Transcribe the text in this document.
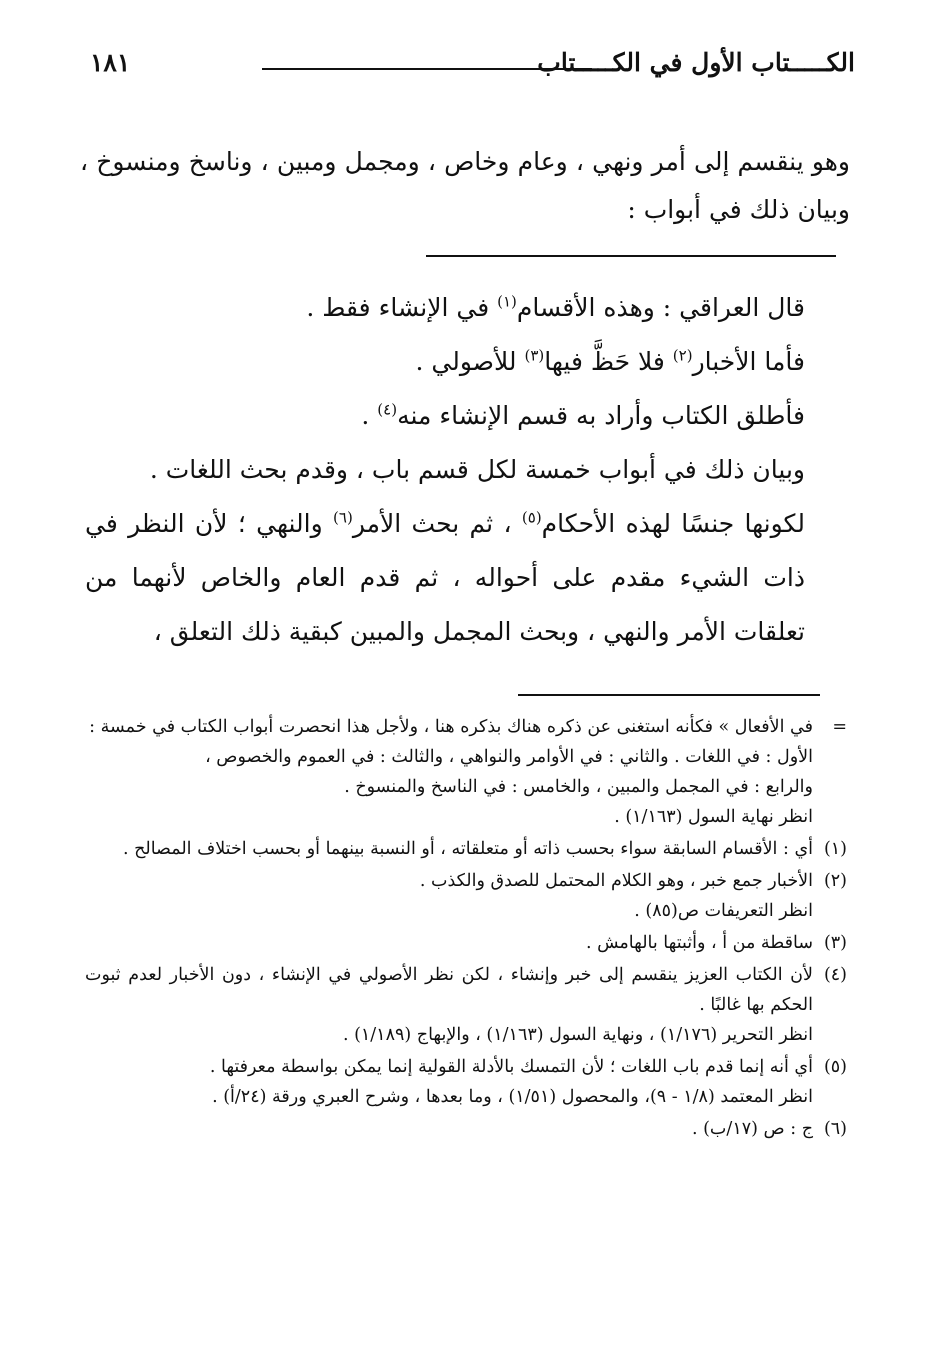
الكـــــتاب الأول في الكـــــتاب
١٨١

وهو ينقسم إلى أمر ونهي ، وعام وخاص ، ومجمل ومبين ، وناسخ ومنسوخ ، وبيان ذلك في أبواب :

قال العراقي : وهذه الأقسام$^{(١)}$ في الإنشاء فقط .

فأما الأخبار$^{(٢)}$ فلا حَظَّ فيها$^{(٣)}$ للأصولي .

فأطلق الكتاب وأراد به قسم الإنشاء منه$^{(٤)}$ .

وبيان ذلك في أبواب خمسة لكل قسم باب ، وقدم بحث اللغات .

لكونها جنسًا لهذه الأحكام$^{(٥)}$ ، ثم بحث الأمر$^{(٦)}$ والنهي ؛ لأن النظر في ذات الشيء مقدم على أحواله ، ثم قدم العام والخاص لأنهما من تعلقات الأمر والنهي ، وبحث المجمل والمبين كبقية ذلك التعلق ،

=
في الأفعال » فكأنه استغنى عن ذكره هناك بذكره هنا ، ولأجل هذا انحصرت أبواب الكتاب في خمسة :
الأول : في اللغات . والثاني : في الأوامر والنواهي ، والثالث : في العموم والخصوص ،
والرابع : في المجمل والمبين ، والخامس : في الناسخ والمنسوخ .
انظر نهاية السول (١/١٦٣) .
(١)
أي : الأقسام السابقة سواء بحسب ذاته أو متعلقاته ، أو النسبة بينهما أو بحسب اختلاف المصالح .
(٢)
الأخبار جمع خبر ، وهو الكلام المحتمل للصدق والكذب .
انظر التعريفات ص(٨٥) .
(٣)
ساقطة من أ ، وأثبتها بالهامش .
(٤)
لأن الكتاب العزيز ينقسم إلى خبر وإنشاء ، لكن نظر الأصولي في الإنشاء ، دون الأخبار لعدم ثبوت الحكم بها غالبًا .
انظر التحرير (١/١٧٦) ، ونهاية السول (١/١٦٣) ، والإبهاج (١/١٨٩) .
(٥)
أي أنه إنما قدم باب اللغات ؛ لأن التمسك بالأدلة القولية إنما يمكن بواسطة معرفتها .
انظر المعتمد (١/٨ - ٩)، والمحصول (١/٥١) ، وما بعدها ، وشرح العبري ورقة (٢٤/أ) .
(٦)
ج : ص (١٧/ب) .
